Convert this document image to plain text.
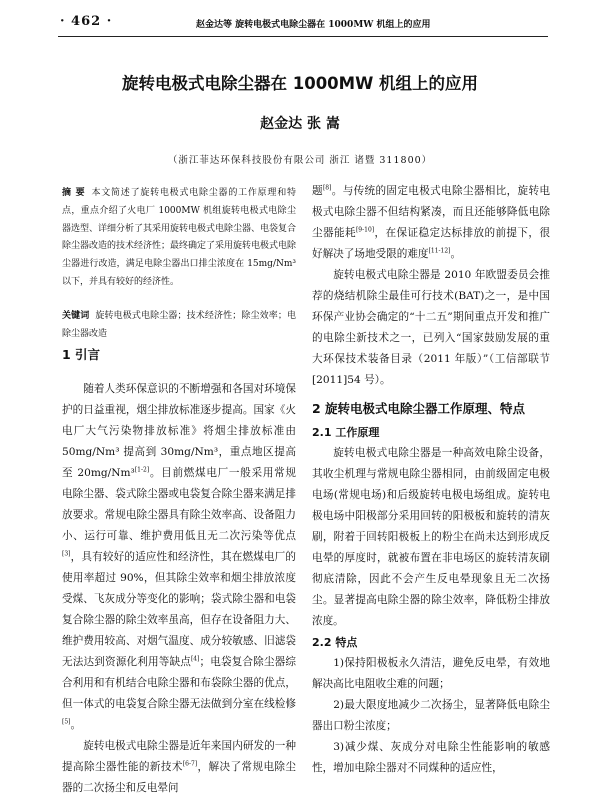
· 462 ·	赵金达等 旋转电极式电除尘器在 1000MW 机组上的应用
旋转电极式电除尘器在 1000MW 机组上的应用
赵金达 张 嵩
（浙江菲达环保科技股份有限公司 浙江 诸暨 311800）
摘 要 本文简述了旋转电极式电除尘器的工作原理和特点，重点介绍了火电厂 1000MW 机组旋转电极式电除尘器选型、详细分析了其采用旋转电极式电除尘器、电袋复合除尘器改造的技术经济性；最终确定了采用旋转电极式电除尘器进行改造，满足电除尘器出口排尘浓度在 15mg/Nm³ 以下，并具有较好的经济性。
关键词 旋转电极式电除尘器；技术经济性；除尘效率；电除尘器改造
1 引言

随着人类环保意识的不断增强和各国对环境保护的日益重视，烟尘排放标准逐步提高。国家《火电厂大气污染物排放标准》将烟尘排放标准由 50mg/Nm³ 提高到 30mg/Nm³，重点地区提高至 20mg/Nm³[1-2]。目前燃煤电厂一般采用常规电除尘器、袋式除尘器或电袋复合除尘器来满足排放要求。常规电除尘器具有除尘效率高、设备阻力小、运行可靠、维护费用低且无二次污染等优点[3]，具有较好的适应性和经济性，其在燃煤电厂的使用率超过 90%，但其除尘效率和烟尘排放浓度受煤、飞灰成分等变化的影响；袋式除尘器和电袋复合除尘器的除尘效率虽高，但存在设备阻力大、维护费用较高、对烟气温度、成分较敏感、旧滤袋无法达到资源化利用等缺点[4]；电袋复合除尘器综合利用和有机结合电除尘器和布袋除尘器的优点，但一体式的电袋复合除尘器无法做到分室在线检修[5]。

旋转电极式电除尘器是近年来国内研发的一种提高除尘器性能的新技术[6-7]，解决了常规电除尘器的二次扬尘和反电晕问

题[8]。与传统的固定电极式电除尘器相比，旋转电极式电除尘器不但结构紧凑，而且还能够降低电除尘器能耗[9-10]，在保证稳定达标排放的前提下，很好解决了场地受限的难度[11-12]。

旋转电极式电除尘器是 2010 年欧盟委员会推荐的烧结机除尘最佳可行技术(BAT)之一，是中国环保产业协会确定的“十二五”期间重点开发和推广的电除尘新技术之一，已列入“国家鼓励发展的重大环保技术装备目录（2011 年版）”（工信部联节[2011]54 号）。

2 旋转电极式电除尘器工作原理、特点
2.1 工作原理

旋转电极式电除尘器是一种高效电除尘设备，其收尘机理与常规电除尘器相同，由前级固定电极电场(常规电场)和后级旋转电极电场组成。旋转电极电场中阳极部分采用回转的阳极板和旋转的清灰刷，附着于回转阳极板上的粉尘在尚未达到形成反电晕的厚度时，就被布置在非电场区的旋转清灰刷彻底清除，因此不会产生反电晕现象且无二次扬尘。显著提高电除尘器的除尘效率，降低粉尘排放浓度。

2.2 特点

1)保持阳极板永久清洁，避免反电晕，有效地解决高比电阻收尘难的问题；

2)最大限度地减少二次扬尘，显著降低电除尘器出口粉尘浓度；

3)减少煤、灰成分对电除尘性能影响的敏感性，增加电除尘器对不同煤种的适应性，
